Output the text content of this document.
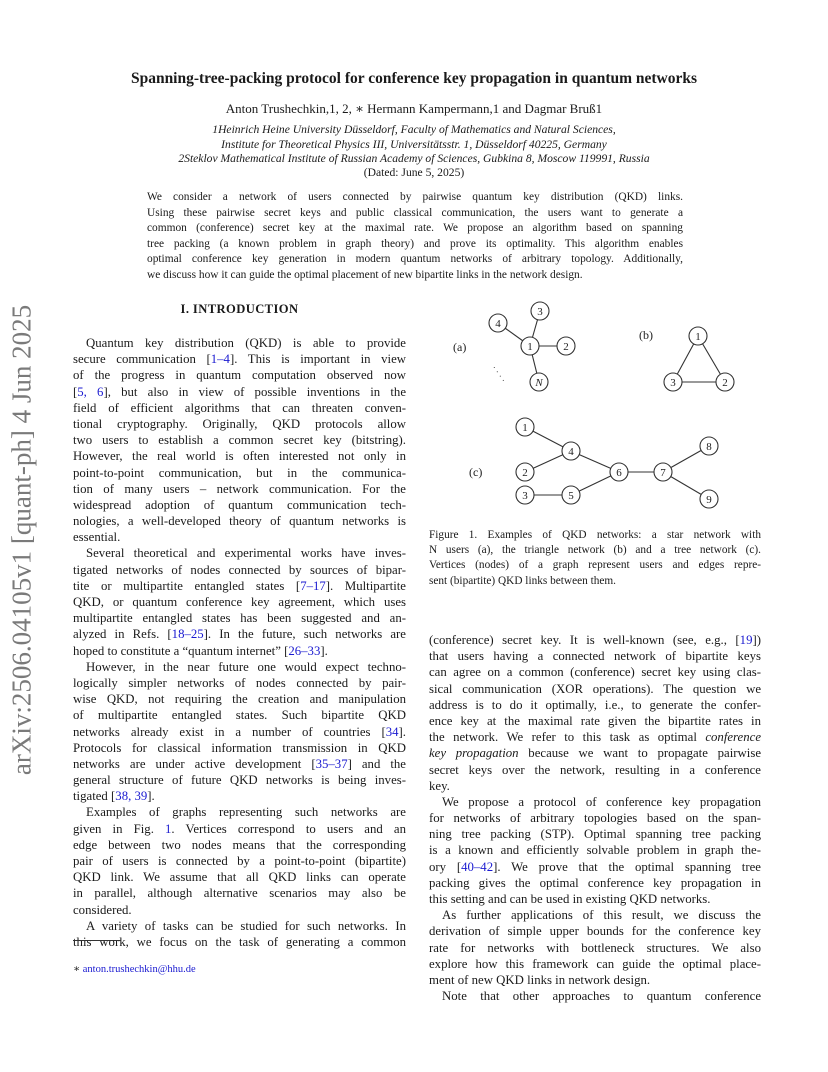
Spanning-tree-packing protocol for conference key propagation in quantum networks
Anton Trushechkin,1, 2, ∗ Hermann Kampermann,1 and Dagmar Bruß1
1Heinrich Heine University Düsseldorf, Faculty of Mathematics and Natural Sciences,
Institute for Theoretical Physics III, Universitätsstr. 1, Düsseldorf 40225, Germany
2Steklov Mathematical Institute of Russian Academy of Sciences, Gubkina 8, Moscow 119991, Russia
(Dated: June 5, 2025)
We consider a network of users connected by pairwise quantum key distribution (QKD) links.
Using these pairwise secret keys and public classical communication, the users want to generate a
common (conference) secret key at the maximal rate. We propose an algorithm based on spanning
tree packing (a known problem in graph theory) and prove its optimality. This algorithm enables
optimal conference key generation in modern quantum networks of arbitrary topology. Additionally,
we discuss how it can guide the optimal placement of new bipartite links in the network design.
arXiv:2506.04105v1 [quant-ph] 4 Jun 2025	I. INTRODUCTION

Quantum key distribution (QKD) is able to provide
secure communication [1–4]. This is important in view
of the progress in quantum computation observed now
[5, 6], but also in view of possible inventions in the
field of efficient algorithms that can threaten conven-
tional cryptography. Originally, QKD protocols allow
two users to establish a common secret key (bitstring).
However, the real world is often interested not only in
point-to-point communication, but in the communica-
tion of many users – network communication. For the
widespread adoption of quantum communication tech-
nologies, a well-developed theory of quantum networks is
essential.

Several theoretical and experimental works have inves-
tigated networks of nodes connected by sources of bipar-
tite or multipartite entangled states [7–17]. Multipartite
QKD, or quantum conference key agreement, which uses
multipartite entangled states has been suggested and an-
alyzed in Refs. [18–25]. In the future, such networks are
hoped to constitute a “quantum internet” [26–33].

However, in the near future one would expect techno-
logically simpler networks of nodes connected by pair-
wise QKD, not requiring the creation and manipulation
of multipartite entangled states. Such bipartite QKD
networks already exist in a number of countries [34].
Protocols for classical information transmission in QKD
networks are under active development [35–37] and the
general structure of future QKD networks is being inves-
tigated [38, 39].

Examples of graphs representing such networks are
given in Fig. 1. Vertices correspond to users and an
edge between two nodes means that the corresponding
pair of users is connected by a point-to-point (bipartite)
QKD link. We assume that all QKD links can operate
in parallel, although alternative scenarios may also be
considered.

A variety of tasks can be studied for such networks. In
this work, we focus on the task of generating a common

1	2
3
4
N
1
2
3
1
2
3
4
5
6	7
8
9
(a)
(b)
(c)
· · · ·
Figure 1. Examples of QKD networks: a star network with
N users (a), the triangle network (b) and a tree network (c).
Vertices (nodes) of a graph represent users and edges repre-
sent (bipartite) QKD links between them.

(conference) secret key. It is well-known (see, e.g., [19])
that users having a connected network of bipartite keys
can agree on a common (conference) secret key using clas-
sical communication (XOR operations). The question we
address is to do it optimally, i.e., to generate the confer-
ence key at the maximal rate given the bipartite rates in
the network. We refer to this task as optimal conference
key propagation because we want to propagate pairwise
secret keys over the network, resulting in a conference
key.

We propose a protocol of conference key propagation
for networks of arbitrary topologies based on the span-
ning tree packing (STP). Optimal spanning tree packing
is a known and efficiently solvable problem in graph the-
ory [40–42]. We prove that the optimal spanning tree
packing gives the optimal conference key propagation in
this setting and can be used in existing QKD networks.

As further applications of this result, we discuss the
derivation of simple upper bounds for the conference key
rate for networks with bottleneck structures. We also
explore how this framework can guide the optimal place-
ment of new QKD links in network design.

Note that other approaches to quantum conference

∗ anton.trushechkin@hhu.de
